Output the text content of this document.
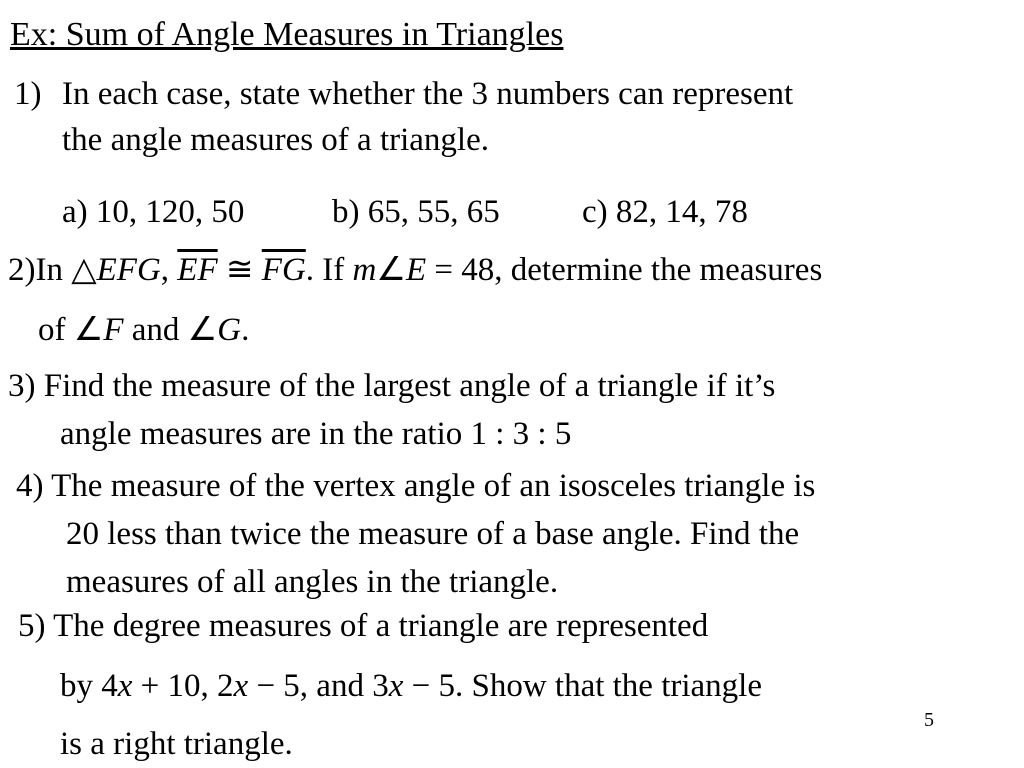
Ex: Sum of Angle Measures in Triangles
1) In each case, state whether the 3 numbers can represent
the angle measures of a triangle.
a) 10, 120, 50	b) 65, 55, 65 c) 82, 14, 78
2)In △EFG, $\overline{EF}$ ≅ $\overline{FG}$. If m∠E = 48, determine the measures
of ∠F and ∠G.
3) Find the measure of the largest angle of a triangle if it’s
angle measures are in the ratio 1 : 3 : 5
4) The measure of the vertex angle of an isosceles triangle is
20 less than twice the measure of a base angle. Find the
measures of all angles in the triangle.
5) The degree measures of a triangle are represented
by 4x + 10, 2x − 5, and 3x − 5. Show that the triangle
is a right triangle.
5
